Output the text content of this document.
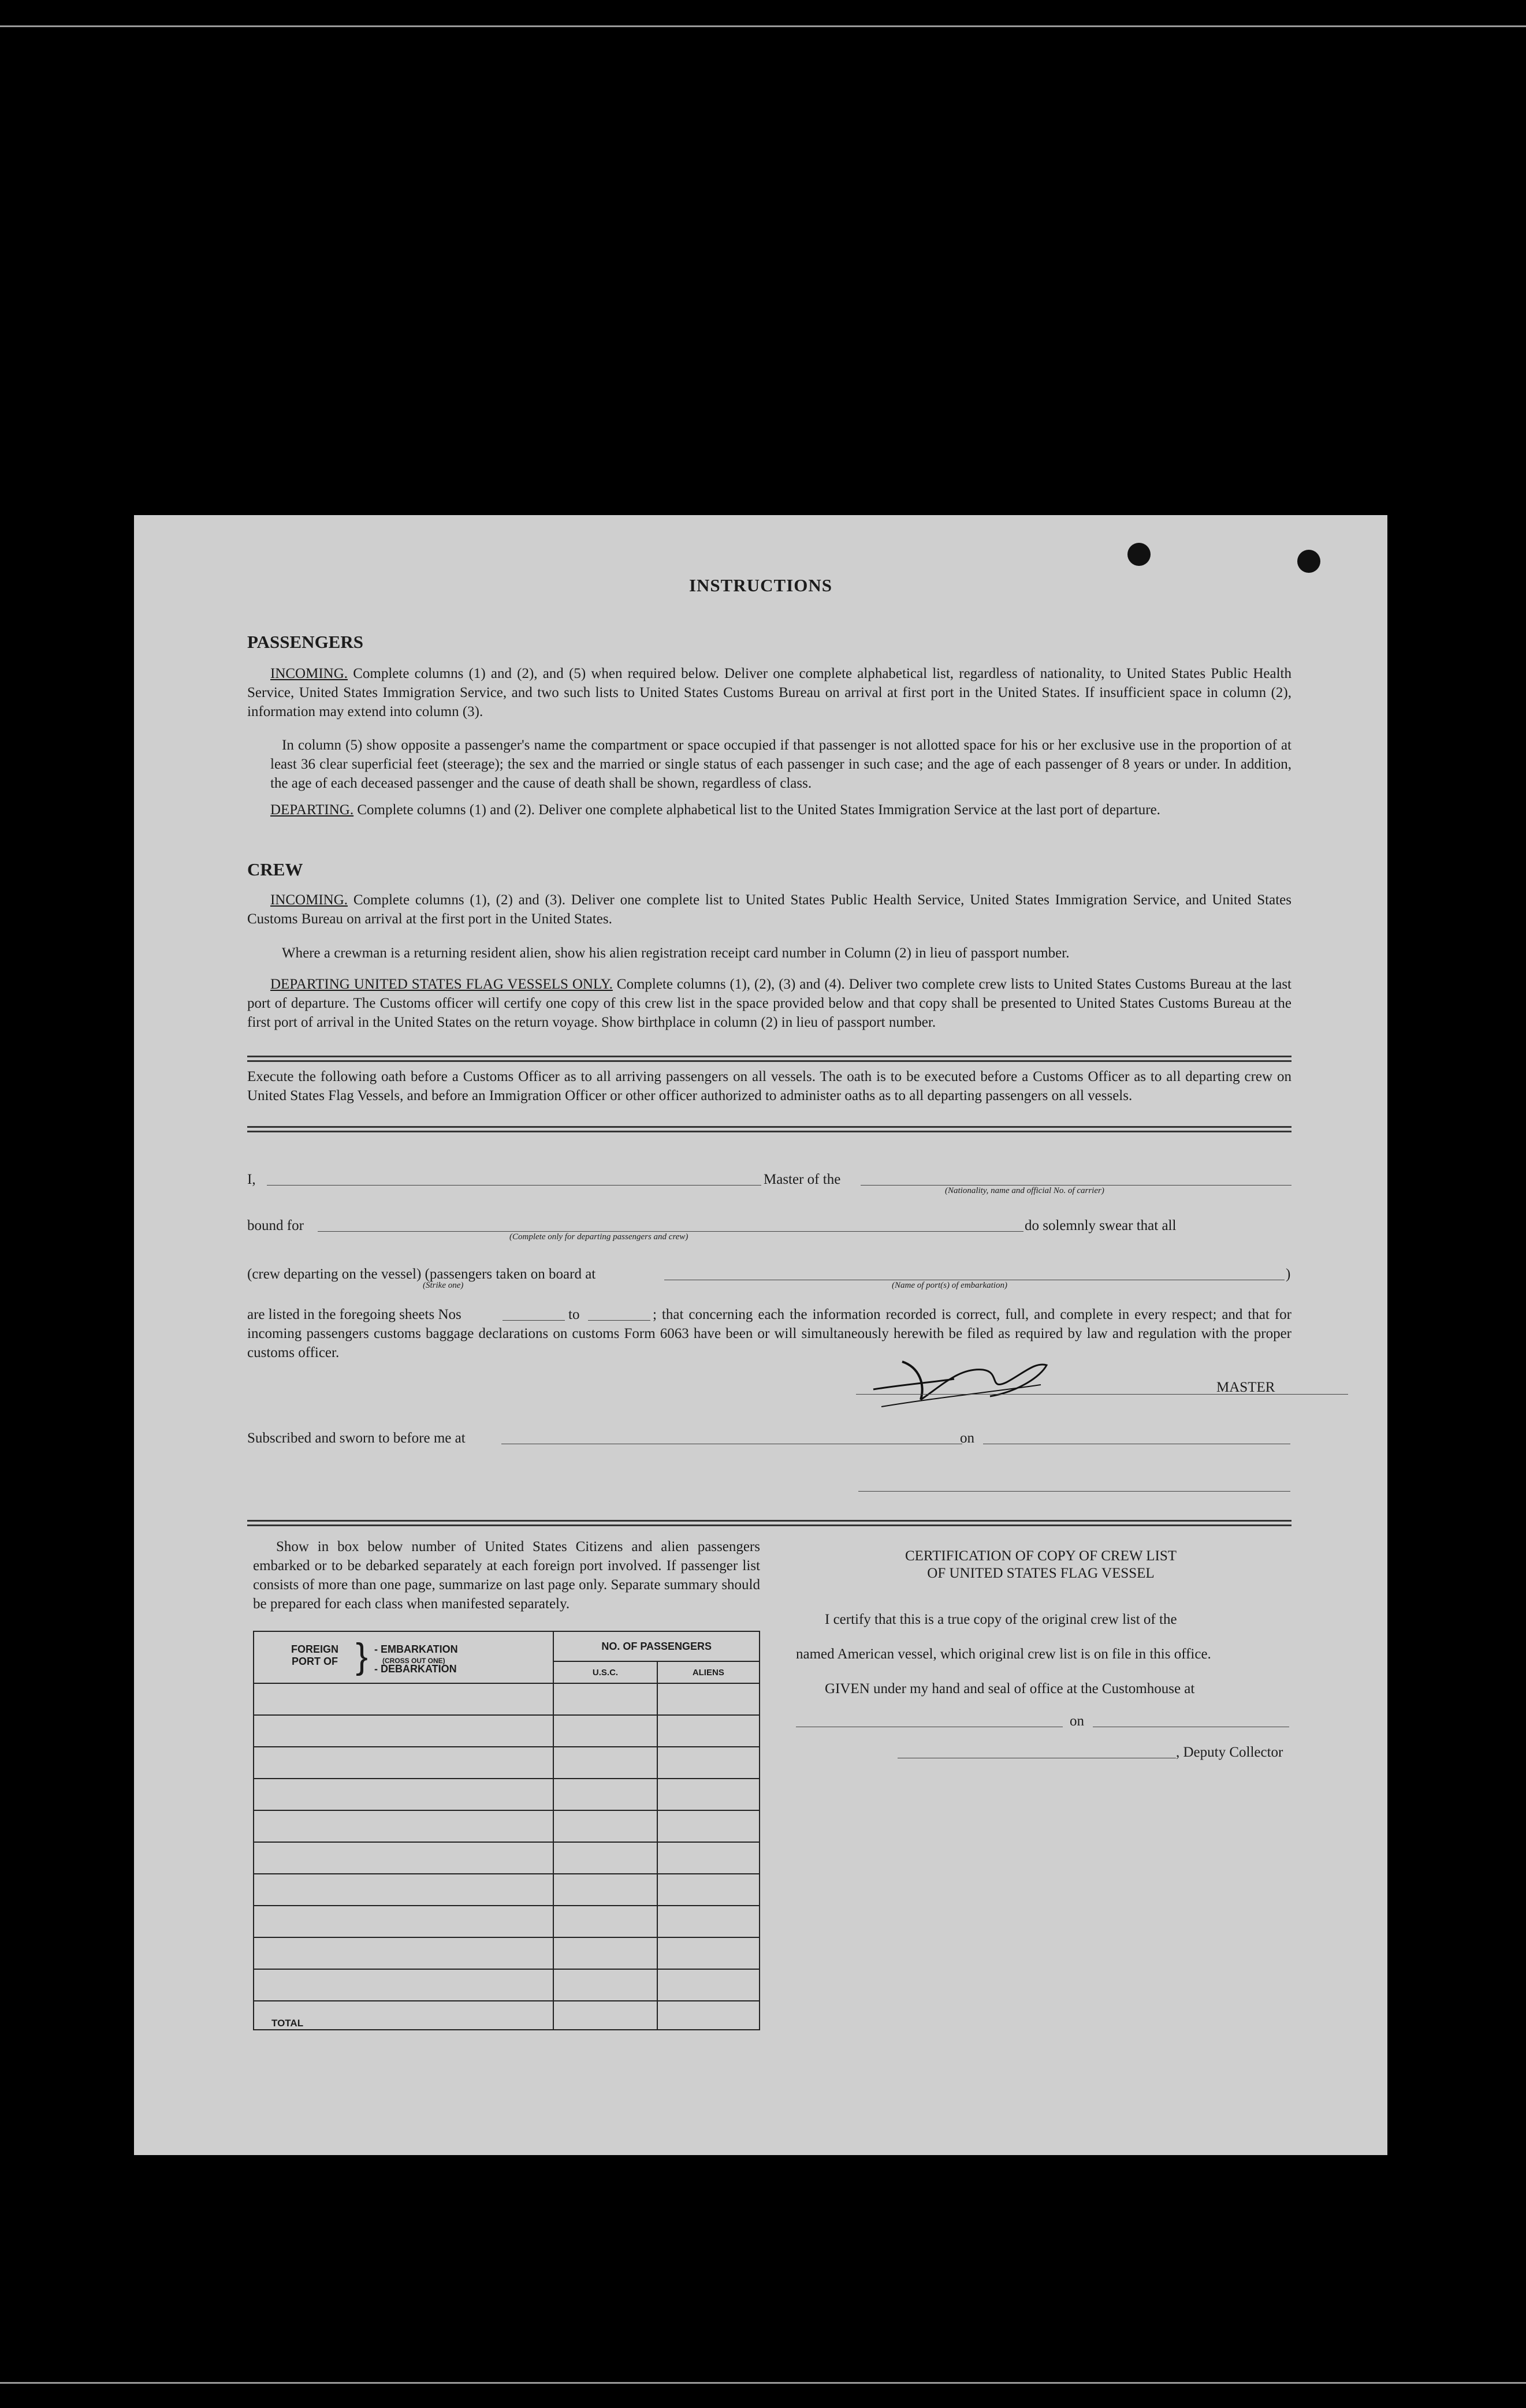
INSTRUCTIONS
PASSENGERS
INCOMING. Complete columns (1) and (2), and (5) when required below. Deliver one complete alphabetical list, regardless of nationality, to United States Public Health Service, United States Immigration Service, and two such lists to United States Customs Bureau on arrival at first port in the United States. If insufficient space in column (2), information may extend into column (3).
In column (5) show opposite a passenger's name the compartment or space occupied if that passenger is not allotted space for his or her exclusive use in the proportion of at least 36 clear superficial feet (steerage); the sex and the married or single status of each passenger in such case; and the age of each passenger of 8 years or under. In addition, the age of each deceased passenger and the cause of death shall be shown, regardless of class.
DEPARTING. Complete columns (1) and (2). Deliver one complete alphabetical list to the United States Immigration Service at the last port of departure.
CREW
INCOMING. Complete columns (1), (2) and (3). Deliver one complete list to United States Public Health Service, United States Immigration Service, and United States Customs Bureau on arrival at the first port in the United States.
Where a crewman is a returning resident alien, show his alien registration receipt card number in Column (2) in lieu of passport number.
DEPARTING UNITED STATES FLAG VESSELS ONLY. Complete columns (1), (2), (3) and (4). Deliver two complete crew lists to United States Customs Bureau at the last port of departure. The Customs officer will certify one copy of this crew list in the space provided below and that copy shall be presented to United States Customs Bureau at the first port of arrival in the United States on the return voyage. Show birthplace in column (2) in lieu of passport number.
Execute the following oath before a Customs Officer as to all arriving passengers on all vessels. The oath is to be executed before a Customs Officer as to all departing crew on United States Flag Vessels, and before an Immigration Officer or other officer authorized to administer oaths as to all departing passengers on all vessels.
I,	Master of the
(Nationality, name and official No. of carrier)
bound for
(Complete only for departing passengers and crew)
do solemnly swear that all
(crew departing on the vessel) (passengers taken on board at
(Strike one)	(Name of port(s) of embarkation)
)
are listed in the foregoing sheets Nos	to	; that concerning each the information recorded is correct, full, and complete in every respect; and that for incoming passengers customs baggage declarations on customs Form 6063 have been or will simultaneously herewith be filed as required by law and regulation with the proper customs officer.
MASTER
Subscribed and sworn to before me at	on
Show in box below number of United States Citizens and alien passengers embarked or to be debarked separately at each foreign port involved. If passenger list consists of more than one page, summarize on last page only. Separate summary should be prepared for each class when manifested separately.
FOREIGN PORT OF } - EMBARKATION
(CROSS OUT ONE)
- DEBARKATION	NO. OF PASSENGERS	
	U.S.C.	ALIENS

TOTAL		
CERTIFICATION OF COPY OF CREW LIST
OF UNITED STATES FLAG VESSEL
I certify that this is a true copy of the original crew list of the
named American vessel, which original crew list is on file in this office.
GIVEN under my hand and seal of office at the Customhouse at
on
, Deputy Collector
